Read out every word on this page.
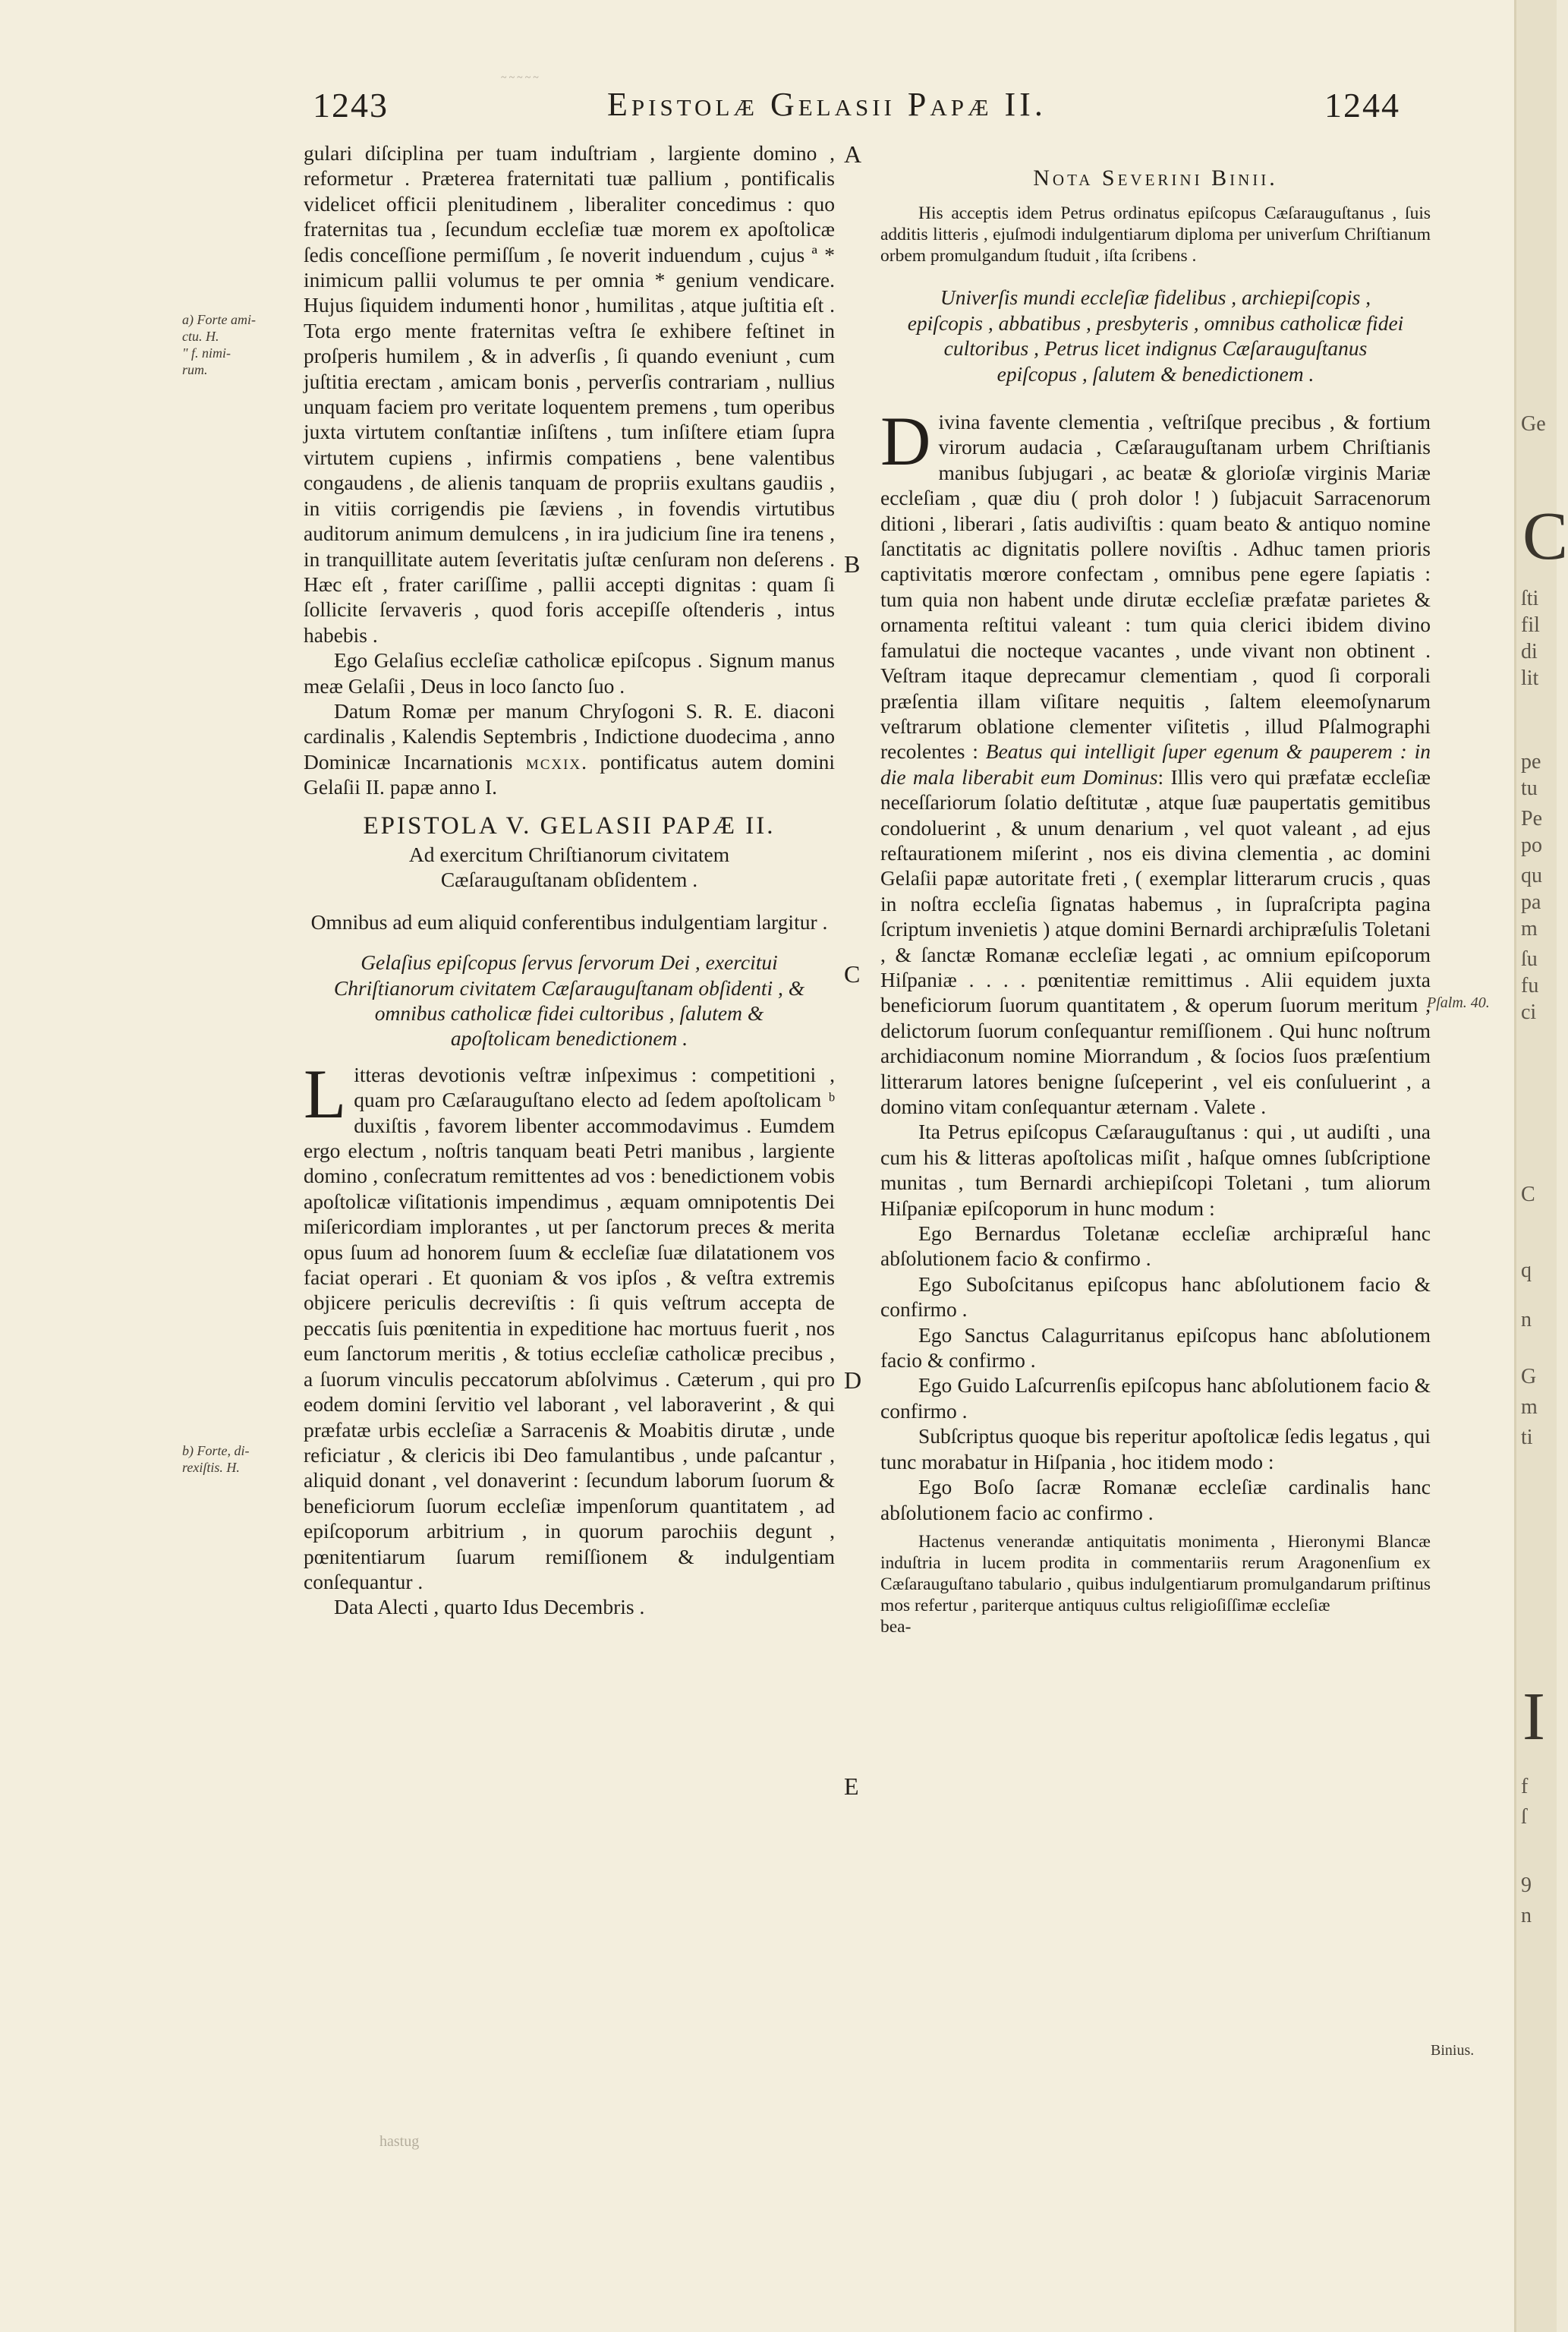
~~~~~
1243	Epistolæ Gelasii Papæ II.	1244
a) Forte ami-
ctu. H.
" f. nimi-
rum.
b) Forte, di-
rexiſtis. H.
Pſalm. 40.
Binius.
A
B
C
D
E

gulari diſciplina per tuam induſtriam , largiente domino , reformetur . Præterea fraternitati tuæ pallium , pontificalis videlicet officii plenitudinem , liberaliter concedimus : quo fraternitas tua , ſecundum eccleſiæ tuæ morem ex apoſtolicæ ſedis conceſſione permiſſum , ſe noverit induendum , cujus ª * inimicum pallii volumus te per omnia * genium vendicare. Hujus ſiquidem indumenti honor , humilitas , atque juſtitia eſt . Tota ergo mente fraternitas veſtra ſe exhibere feſtinet in proſperis humilem , & in adverſis , ſi quando eveniunt , cum juſtitia erectam , amicam bonis , perverſis contrariam , nullius unquam faciem pro veritate loquentem premens , tum operibus juxta virtutem conſtantiæ inſiſtens , tum inſiſtere etiam ſupra virtutem cupiens , infirmis compatiens , bene valentibus congaudens , de alienis tanquam de propriis exultans gaudiis , in vitiis corrigendis pie ſæviens , in fovendis virtutibus auditorum animum demulcens , in ira judicium ſine ira tenens , in tranquillitate autem ſeveritatis juſtæ cenſuram non deſerens . Hæc eſt , frater cariſſime , pallii accepti dignitas : quam ſi ſollicite ſervaveris , quod foris accepiſſe oſtenderis , intus habebis .

Ego Gelaſius eccleſiæ catholicæ epiſcopus . Signum manus meæ Gelaſii , Deus in loco ſancto ſuo .

Datum Romæ per manum Chryſogoni S. R. E. diaconi cardinalis , Kalendis Septembris , Indictione duodecima , anno Dominicæ Incarnationis mcxix. pontificatus autem domini Gelaſii II. papæ anno I.

EPISTOLA V. GELASII PAPÆ II.
Ad exercitum Chriſtianorum civitatem
Cæſarauguſtanam obſidentem .
Omnibus ad eum aliquid conferentibus indulgentiam largitur .
Gelaſius epiſcopus ſervus ſervorum Dei , exercitui Chriſtianorum civitatem Cæſarauguſtanam obſidenti , & omnibus catholicæ fidei cultoribus , ſalutem & apoſtolicam benedictionem .

Litteras devotionis veſtræ inſpeximus : competitioni , quam pro Cæſarauguſtano electo ad ſedem apoſtolicam ᵇ duxiſtis , favorem libenter accommodavimus . Eumdem ergo electum , noſtris tanquam beati Petri manibus , largiente domino , conſecratum remittentes ad vos : benedictionem vobis apoſtolicæ viſitationis impendimus , æquam omnipotentis Dei miſericordiam implorantes , ut per ſanctorum preces & merita opus ſuum ad honorem ſuum & eccleſiæ ſuæ dilatationem vos faciat operari . Et quoniam & vos ipſos , & veſtra extremis objicere periculis decreviſtis : ſi quis veſtrum accepta de peccatis ſuis pœnitentia in expeditione hac mortuus fuerit , nos eum ſanctorum meritis , & totius eccleſiæ catholicæ precibus , a ſuorum vinculis peccatorum abſolvimus . Cæterum , qui pro eodem domini ſervitio vel laborant , vel laboraverint , & qui præfatæ urbis eccleſiæ a Sarracenis & Moabitis dirutæ , unde reficiatur , & clericis ibi Deo famulantibus , unde paſcantur , aliquid donant , vel donaverint : ſecundum laborum ſuorum & beneficiorum ſuorum eccleſiæ impenſorum quantitatem , ad epiſcoporum arbitrium , in quorum parochiis degunt , pœnitentiarum ſuarum remiſſionem & indulgentiam conſequantur .

Data Alecti , quarto Idus Decembris .

hastug
Nota Severini Binii.

His acceptis idem Petrus ordinatus epiſcopus Cæſarauguſtanus , ſuis additis litteris , ejuſmodi indulgentiarum diploma per univerſum Chriſtianum orbem promulgandum ſtuduit , iſta ſcribens .

Univerſis mundi eccleſiæ fidelibus , archiepiſcopis , epiſcopis , abbatibus , presbyteris , omnibus catholicæ fidei cultoribus , Petrus licet indignus Cæſarauguſtanus epiſcopus , ſalutem & benedictionem .

Divina favente clementia , veſtriſque precibus , & fortium virorum audacia , Cæſarauguſtanam urbem Chriſtianis manibus ſubjugari , ac beatæ & glorioſæ virginis Mariæ eccleſiam , quæ diu ( proh dolor ! ) ſubjacuit Sarracenorum ditioni , liberari , ſatis audiviſtis : quam beato & antiquo nomine ſanctitatis ac dignitatis pollere noviſtis . Adhuc tamen prioris captivitatis mœrore confectam , omnibus pene egere ſapiatis : tum quia non habent unde dirutæ eccleſiæ præfatæ parietes & ornamenta reſtitui valeant : tum quia clerici ibidem divino famulatui die noctequе vacantes , unde vivant non obtinent . Veſtram itaque deprecamur clementiam , quod ſi corporali præſentia illam viſitare nequitis , ſaltem eleemoſynarum veſtrarum oblatione clementer viſitetis , illud Pſalmographi recolentes : Beatus qui intelligit ſuper egenum & pauperem : in die mala liberabit eum Dominus: Illis vero qui præfatæ eccleſiæ neceſſariorum ſolatio deſtitutæ , atque ſuæ paupertatis gemitibus condoluerint , & unum denarium , vel quot valeant , ad ejus reſtaurationem miſerint , nos eis divina clementia , ac domini Gelaſii papæ autoritate freti , ( exemplar litterarum crucis , quas in noſtra eccleſia ſignatas habemus , in ſupraſcripta pagina ſcriptum invenietis ) atque domini Bernardi archipræſulis Toletani , & ſanctæ Romanæ eccleſiæ legati , ac omnium epiſcoporum Hiſpaniæ . . . . pœnitentiæ remittimus . Alii equidem juxta beneficiorum ſuorum quantitatem , & operum ſuorum meritum , delictorum ſuorum conſequantur remiſſionem . Qui hunc noſtrum archidiaconum nomine Miorrandum , & ſocios ſuos præſentium litterarum latores benigne ſuſceperint , vel eis conſuluerint , a domino vitam conſequantur æternam . Valete .

Ita Petrus epiſcopus Cæſarauguſtanus : qui , ut audiſti , una cum his & litteras apoſtolicas miſit , haſque omnes ſubſcriptione munitas , tum Bernardi archiepiſcopi Toletani , tum aliorum Hiſpaniæ epiſcoporum in hunc modum :

Ego Bernardus Toletanæ eccleſiæ archipræſul hanc abſolutionem facio & confirmo .

Ego Suboſcitanus epiſcopus hanc abſolutionem facio & confirmo .

Ego Sanctus Calagurritanus epiſcopus hanc abſolutionem facio & confirmo .

Ego Guido Laſcurrenſis epiſcopus hanc abſolutionem facio & confirmo .

Subſcriptus quoque bis reperitur apoſtolicæ ſedis legatus , qui tunc morabatur in Hiſpania , hoc itidem modo :

Ego Boſo ſacræ Romanæ eccleſiæ cardinalis hanc abſolutionem facio ac confirmo .

Hactenus venerandæ antiquitatis monimenta , Hieronymi Blancæ induſtria in lucem prodita in commentariis rerum Aragonenſium ex Cæſarauguſtano tabulario , quibus indulgentiarum promulgandarum priſtinus mos refertur , pariterque antiquus cultus religioſiſſimæ eccleſiæ

bea-

C
I
Ge
ſti
fil
di
lit
pe
tu
Pe
po
qu
pa
m
ſu
fu
ci
C
q
n
G
m
ti
f
ſ
9
n
